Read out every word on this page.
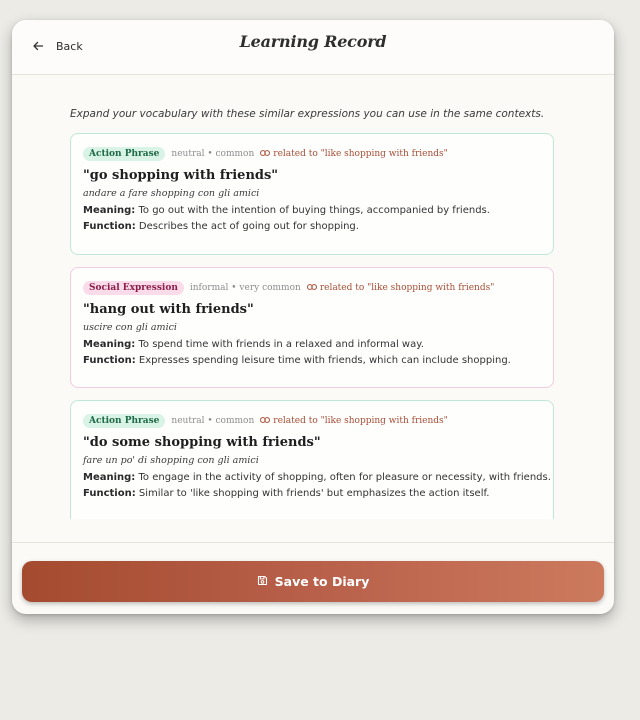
Back	Learning Record
Expand your vocabulary with these similar expressions you can use in the same contexts.
Action Phrase	neutral • common related to "like shopping with friends"
"go shopping with friends"
andare a fare shopping con gli amici
Meaning: To go out with the intention of buying things, accompanied by friends.
Function: Describes the act of going out for shopping.
Social Expression	informal • very common related to "like shopping with friends"
"hang out with friends"
uscire con gli amici
Meaning: To spend time with friends in a relaxed and informal way.
Function: Expresses spending leisure time with friends, which can include shopping.
Action Phrase	neutral • common related to "like shopping with friends"
"do some shopping with friends"
fare un po' di shopping con gli amici
Meaning: To engage in the activity of shopping, often for pleasure or necessity, with friends.
Function: Similar to 'like shopping with friends' but emphasizes the action itself.
Save to Diary
